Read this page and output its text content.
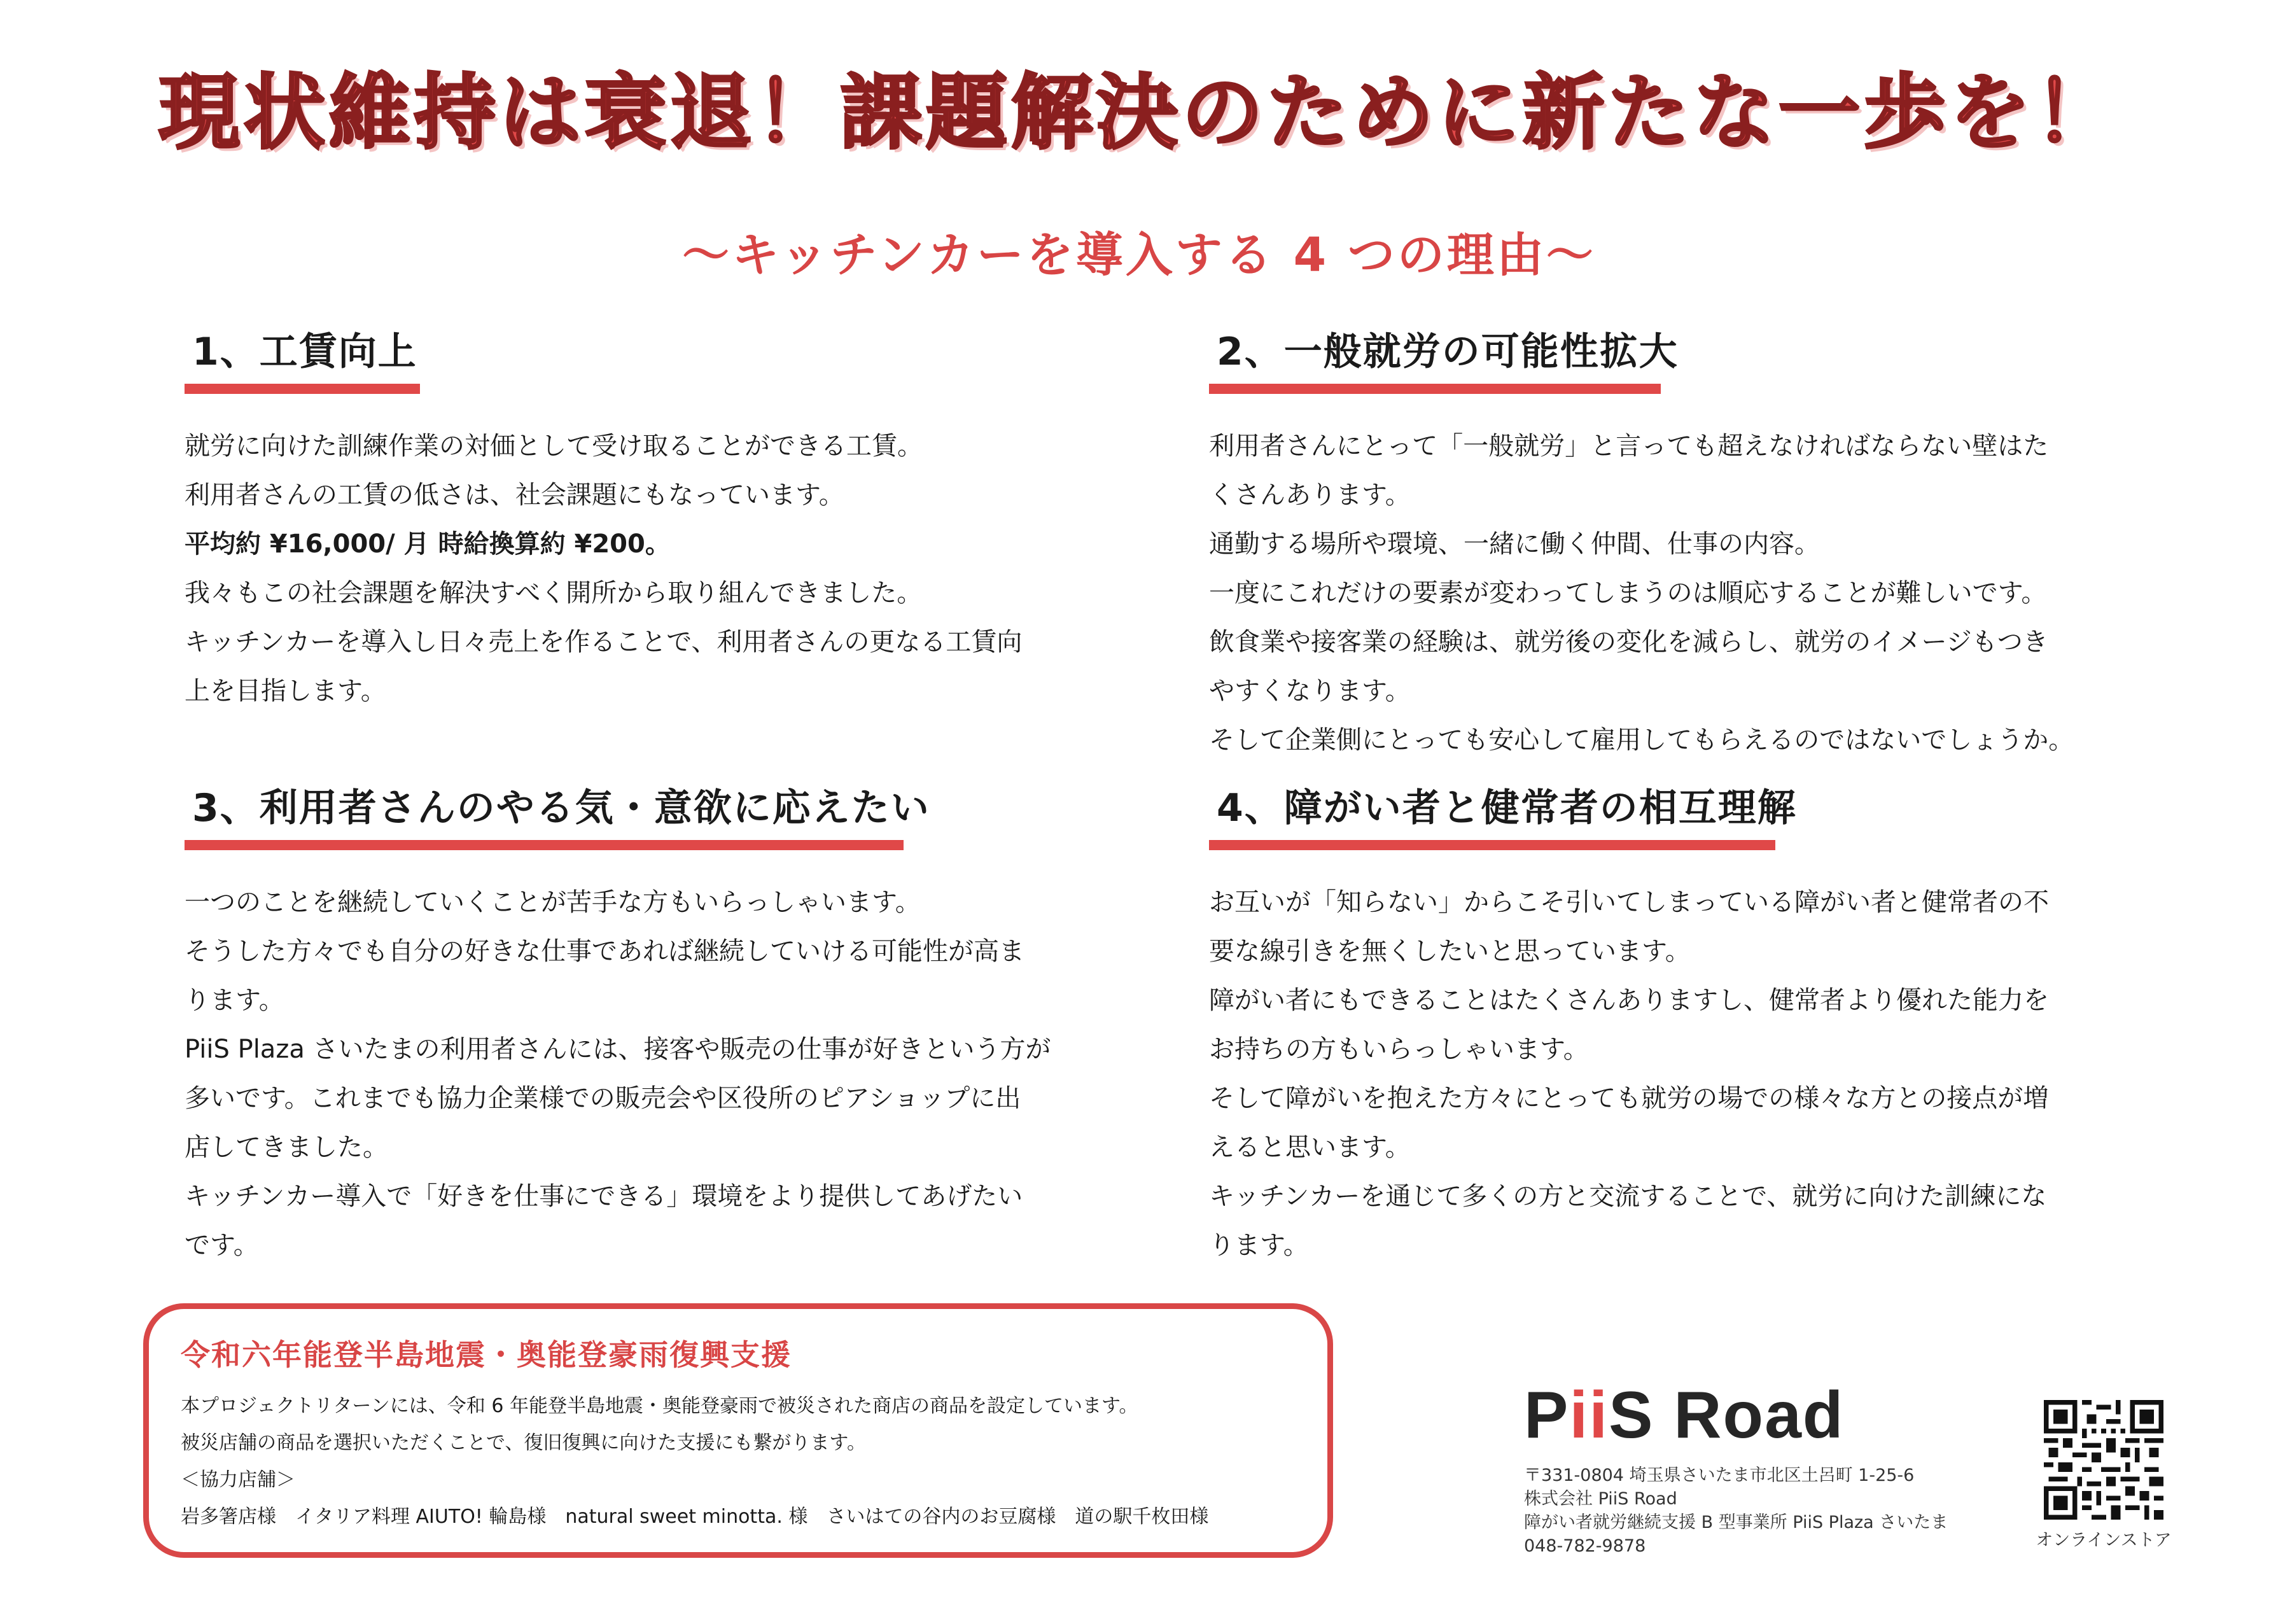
現状維持は衰退！課題解決のために新たな一歩を！
〜キッチンカーを導入する 4 つの理由〜
1、工賃向上
就労に向けた訓練作業の対価として受け取ることができる工賃。
利用者さんの工賃の低さは、社会課題にもなっています。
平均約 ¥16,000/ 月 時給換算約 ¥200。
我々もこの社会課題を解決すべく開所から取り組んできました。
キッチンカーを導入し日々売上を作ることで、利用者さんの更なる工賃向
上を目指します。
2、一般就労の可能性拡大
利用者さんにとって「一般就労」と言っても超えなければならない壁はた
くさんあります。
通勤する場所や環境、一緒に働く仲間、仕事の内容。
一度にこれだけの要素が変わってしまうのは順応することが難しいです。
飲食業や接客業の経験は、就労後の変化を減らし、就労のイメージもつき
やすくなります。
そして企業側にとっても安心して雇用してもらえるのではないでしょうか。
3、利用者さんのやる気・意欲に応えたい
一つのことを継続していくことが苦手な方もいらっしゃいます。
そうした方々でも自分の好きな仕事であれば継続していける可能性が高ま
ります。
PiiS Plaza さいたまの利用者さんには、接客や販売の仕事が好きという方が
多いです。これまでも協力企業様での販売会や区役所のピアショップに出
店してきました。
キッチンカー導入で「好きを仕事にできる」環境をより提供してあげたい
です。
4、障がい者と健常者の相互理解
お互いが「知らない」からこそ引いてしまっている障がい者と健常者の不
要な線引きを無くしたいと思っています。
障がい者にもできることはたくさんありますし、健常者より優れた能力を
お持ちの方もいらっしゃいます。
そして障がいを抱えた方々にとっても就労の場での様々な方との接点が増
えると思います。
キッチンカーを通じて多くの方と交流することで、就労に向けた訓練にな
ります。
令和六年能登半島地震・奥能登豪雨復興支援
本プロジェクトリターンには、令和 6 年能登半島地震・奥能登豪雨で被災された商店の商品を設定しています。
被災店舗の商品を選択いただくことで、復旧復興に向けた支援にも繋がります。
＜協力店舗＞
岩多箸店様　イタリア料理 AIUTO! 輪島様　natural sweet minotta. 様　さいはての谷内のお豆腐様　道の駅千枚田様
PiiS Road
〒331-0804 埼玉県さいたま市北区土呂町 1-25-6
株式会社 PiiS Road
障がい者就労継続支援 B 型事業所 PiiS Plaza さいたま
048-782-9878	オンラインストア
